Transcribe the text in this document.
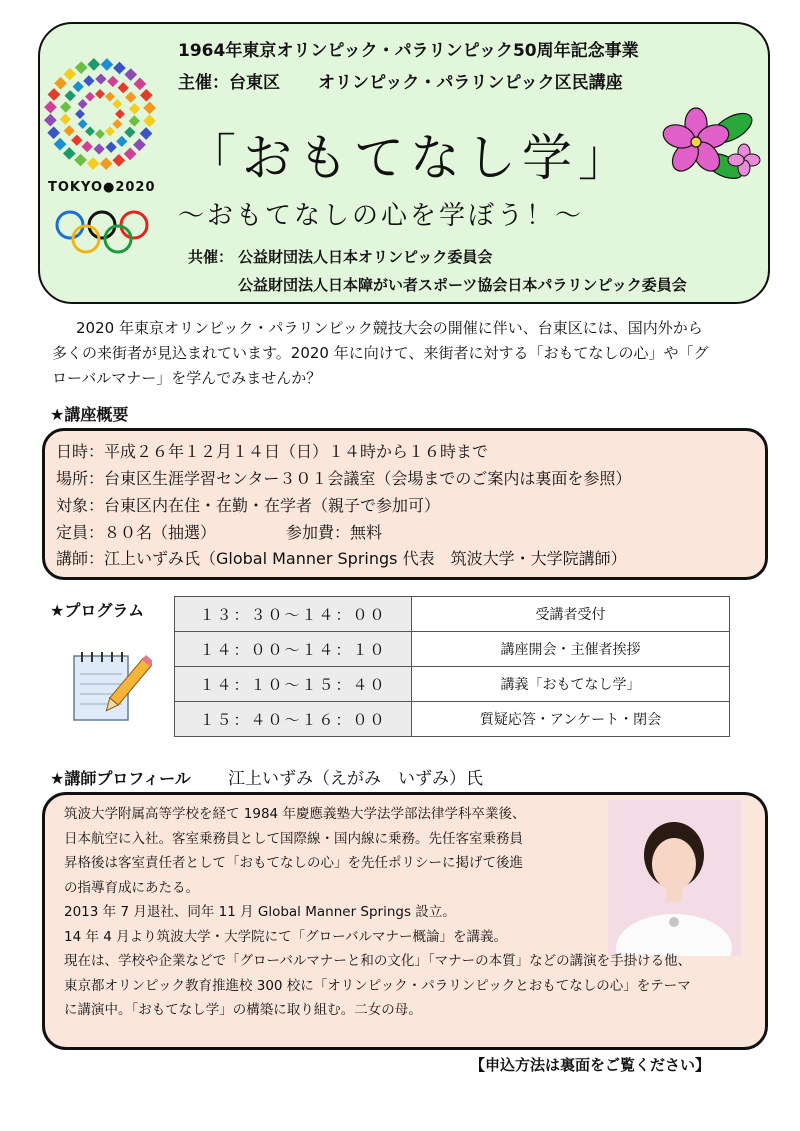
TOKYO●2020
1964年東京オリンピック・パラリンピック50周年記念事業
主催：台東区 オリンピック・パラリンピック区民講座
「おもてなし学」
〜おもてなしの心を学ぼう！〜
共催： 公益財団法人日本オリンピック委員会
公益財団法人日本障がい者スポーツ協会日本パラリンピック委員会
2020 年東京オリンピック・パラリンピック競技大会の開催に伴い、台東区には、国内外から
多くの来街者が見込まれています。2020 年に向けて、来街者に対する「おもてなしの心」や「グ
ローバルマナー」を学んでみませんか？
★講座概要
日時：平成２６年１２月１４日（日）１４時から１６時まで
場所：台東区生涯学習センター３０１会議室（会場までのご案内は裏面を参照）
対象：台東区内在住・在勤・在学者（親子で参加可）
定員：８０名（抽選）	参加費：無料
講師：江上いずみ氏（Global Manner Springs 代表　筑波大学・大学院講師）
★プログラム	１３：３０〜１４：００	受講者受付
１４：００〜１４：１０	講座開会・主催者挨拶
１４：１０〜１５：４０	講義「おもてなし学」
１５：４０〜１６：００	質疑応答・アンケート・閉会
★講師プロフィール 江上いずみ（えがみ　いずみ）氏
筑波大学附属高等学校を経て 1984 年慶應義塾大学法学部法律学科卒業後、
日本航空に入社。客室乗務員として国際線・国内線に乗務。先任客室乗務員
昇格後は客室責任者として「おもてなしの心」を先任ポリシーに掲げて後進
の指導育成にあたる。
2013 年 7 月退社、同年 11 月 Global Manner Springs 設立。
14 年 4 月より筑波大学・大学院にて「グローバルマナー概論」を講義。
現在は、学校や企業などで「グローバルマナーと和の文化」「マナーの本質」などの講演を手掛ける他、
東京都オリンピック教育推進校 300 校に「オリンピック・パラリンピックとおもてなしの心」をテーマ
に講演中。「おもてなし学」の構築に取り組む。二女の母。
【申込方法は裏面をご覧ください】
